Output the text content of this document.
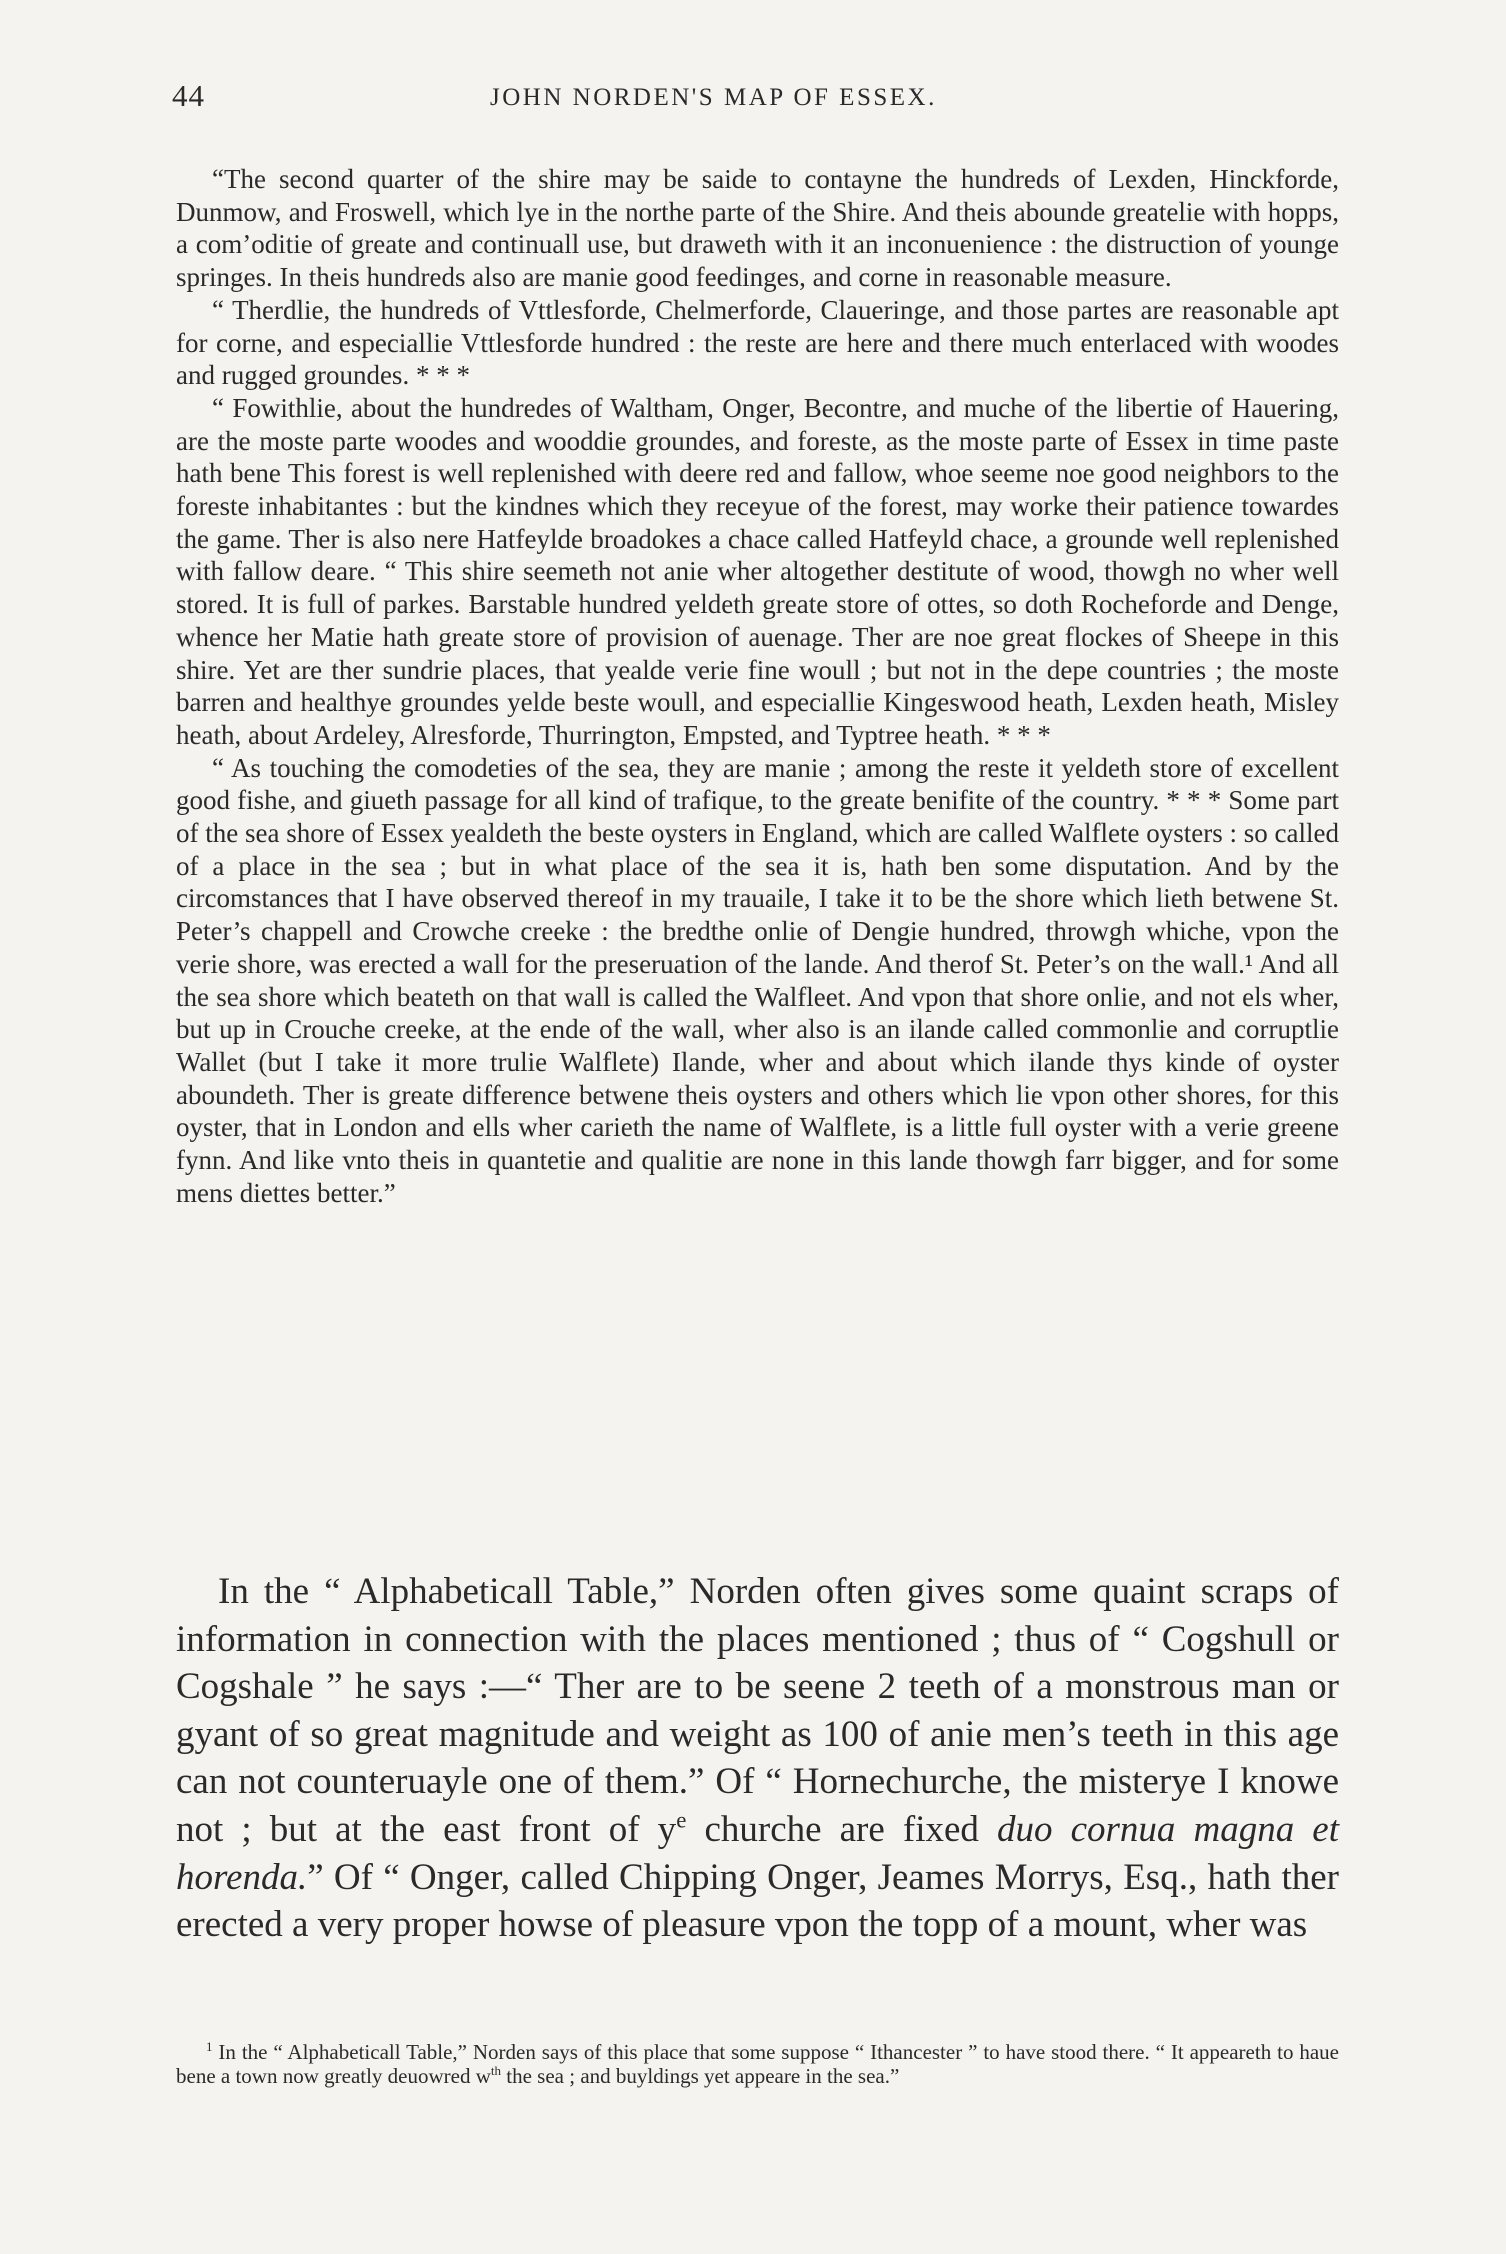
44	JOHN NORDEN'S MAP OF ESSEX.

“The second quarter of the shire may be saide to contayne the hundreds of Lexden, Hinckforde, Dunmow, and Froswell, which lye in the northe parte of the Shire. And theis abounde greatelie with hopps, a com’oditie of greate and continuall use, but draweth with it an inconuenience : the distruction of younge springes. In theis hundreds also are manie good feedinges, and corne in reasonable measure.

“ Therdlie, the hundreds of Vttlesforde, Chelmerforde, Claueringe, and those partes are reasonable apt for corne, and especiallie Vttlesforde hundred : the reste are here and there much enterlaced with woodes and rugged groundes. * * *

“ Fowithlie, about the hundredes of Waltham, Onger, Becontre, and muche of the libertie of Hauering, are the moste parte woodes and wooddie groundes, and foreste, as the moste parte of Essex in time paste hath bene This forest is well replenished with deere red and fallow, whoe seeme noe good neighbors to the foreste inhabitantes : but the kindnes which they receyue of the forest, may worke their patience towardes the game. Ther is also nere Hatfeylde broadokes a chace called Hatfeyld chace, a grounde well replenished with fallow deare. “ This shire seemeth not anie wher altogether destitute of wood, thowgh no wher well stored. It is full of parkes. Barstable hundred yeldeth greate store of ottes, so doth Rocheforde and Denge, whence her Matie hath greate store of provision of auenage. Ther are noe great flockes of Sheepe in this shire. Yet are ther sundrie places, that yealde verie fine woull ; but not in the depe countries ; the moste barren and healthye groundes yelde beste woull, and especiallie Kingeswood heath, Lexden heath, Misley heath, about Ardeley, Alresforde, Thurrington, Empsted, and Typtree heath. * * *

“ As touching the comodeties of the sea, they are manie ; among the reste it yeldeth store of excellent good fishe, and giueth passage for all kind of trafique, to the greate benifite of the country. * * * Some part of the sea shore of Essex yealdeth the beste oysters in England, which are called Walflete oysters : so called of a place in the sea ; but in what place of the sea it is, hath ben some disputation. And by the circomstances that I have observed thereof in my trauaile, I take it to be the shore which lieth betwene St. Peter’s chappell and Crowche creeke : the bredthe onlie of Dengie hundred, throwgh whiche, vpon the verie shore, was erected a wall for the preseruation of the lande. And therof St. Peter’s on the wall.¹ And all the sea shore which beateth on that wall is called the Walfleet. And vpon that shore onlie, and not els wher, but up in Crouche creeke, at the ende of the wall, wher also is an ilande called commonlie and corruptlie Wallet (but I take it more trulie Walflete) Ilande, wher and about which ilande thys kinde of oyster aboundeth. Ther is greate difference betwene theis oysters and others which lie vpon other shores, for this oyster, that in London and ells wher carieth the name of Walflete, is a little full oyster with a verie greene fynn. And like vnto theis in quantetie and qualitie are none in this lande thowgh farr bigger, and for some mens diettes better.”

In the “ Alphabeticall Table,” Norden often gives some quaint scraps of information in connection with the places mentioned ; thus of “ Cogshull or Cogshale ” he says :—“ Ther are to be seene 2 teeth of a monstrous man or gyant of so great magnitude and weight as 100 of anie men’s teeth in this age can not counteruayle one of them.” Of “ Hornechurche, the misterye I knowe not ; but at the east front of $y^e$ churche are fixed duo cornua magna et horenda.” Of “ Onger, called Chipping Onger, Jeames Morrys, Esq., hath ther erected a very proper howse of pleasure vpon the topp of a mount, wher was

$^1$ In the “ Alphabeticall Table,” Norden says of this place that some suppose “ Ithancester ” to have stood there. “ It appeareth to haue bene a town now greatly deuowred $w^{th}$ the sea ; and buyldings yet appeare in the sea.”
